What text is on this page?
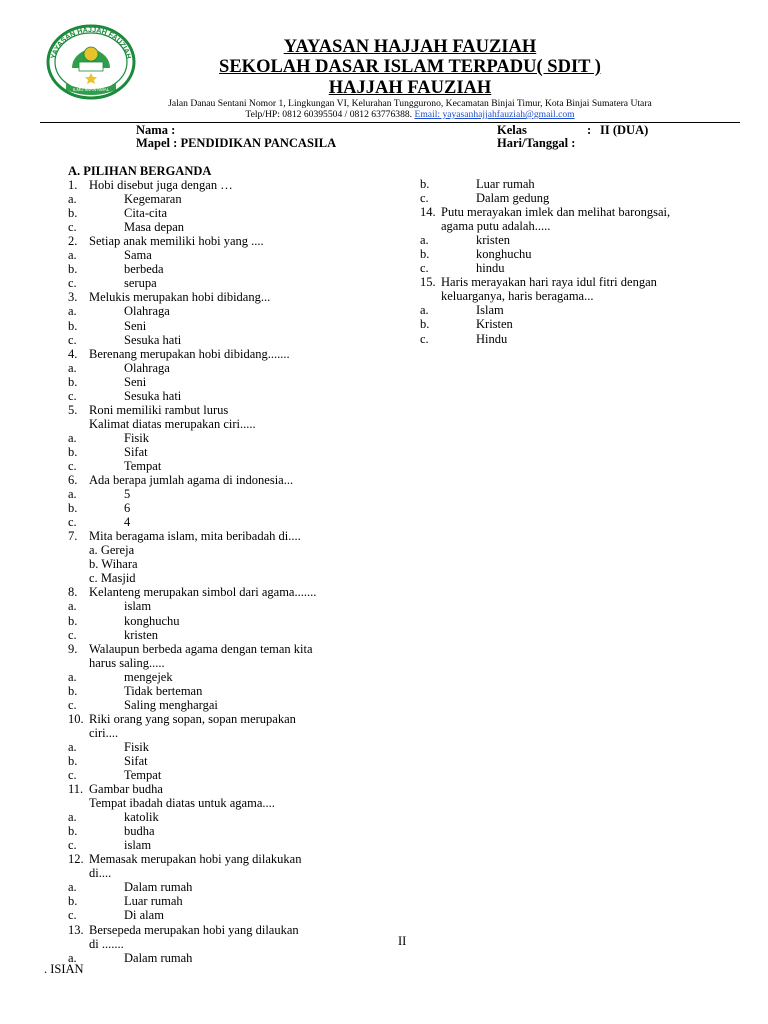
YAYASAN HAJJAH FAUZIAH
ILMU IMAN AMAL
YAYASAN HAJJAH FAUZIAH
SEKOLAH DASAR ISLAM TERPADU( SDIT )
HAJJAH FAUZIAH
Jalan Danau Sentani Nomor 1, Lingkungan VI, Kelurahan Tunggurono, Kecamatan Binjai Timur, Kota Binjai Sumatera Utara
Telp/HP: 0812 60395504 / 0812 63776388. Email: yayasanhajjahfauziah@gmail.com
Nama :
Mapel : PENDIDIKAN PANCASILA
Kelas	: II (DUA)
Hari/Tanggal :
A. PILIHAN BERGANDA
1. Hobi disebut juga dengan …
a.	Kegemaran
b.	Cita-cita
c.	Masa depan
2. Setiap anak memiliki hobi yang ....
a.	Sama
b.	berbeda
c.	serupa
3. Melukis merupakan hobi dibidang...
a.	Olahraga
b.	Seni
c.	Sesuka hati
4. Berenang merupakan hobi dibidang.......
a.	Olahraga
b.	Seni
c.	Sesuka hati
5. Roni memiliki rambut lurus
Kalimat diatas merupakan ciri.....
a.	Fisik
b.	Sifat
c.	Tempat
6. Ada berapa jumlah agama di indonesia...
a.	5
b.	6
c.	4
7. Mita beragama islam, mita beribadah di....
a. Gereja
b. Wihara
c. Masjid
8. Kelanteng merupakan simbol dari agama.......
a.	islam
b.	konghuchu
c.	kristen
9. Walaupun berbeda agama dengan teman kita
harus saling.....
a.	mengejek
b.	Tidak berteman
c.	Saling menghargai
10. Riki orang yang sopan, sopan merupakan
ciri....
a.	Fisik
b.	Sifat
c.	Tempat
11. Gambar budha
Tempat ibadah diatas untuk agama....
a.	katolik
b.	budha
c.	islam
12. Memasak merupakan hobi yang dilakukan
di....
a.	Dalam rumah
b.	Luar rumah
c.	Di alam
13. Bersepeda merupakan hobi yang dilaukan
di .......
a.	Dalam rumah
b.	Luar rumah
c.	Dalam gedung
14. Putu merayakan imlek dan melihat barongsai,
agama putu adalah.....
a.	kristen
b.	konghuchu
c.	hindu
15. Haris merayakan hari raya idul fitri dengan
keluarganya, haris beragama...
a.	Islam
b.	Kristen
c.	Hindu
II
. ISIAN
